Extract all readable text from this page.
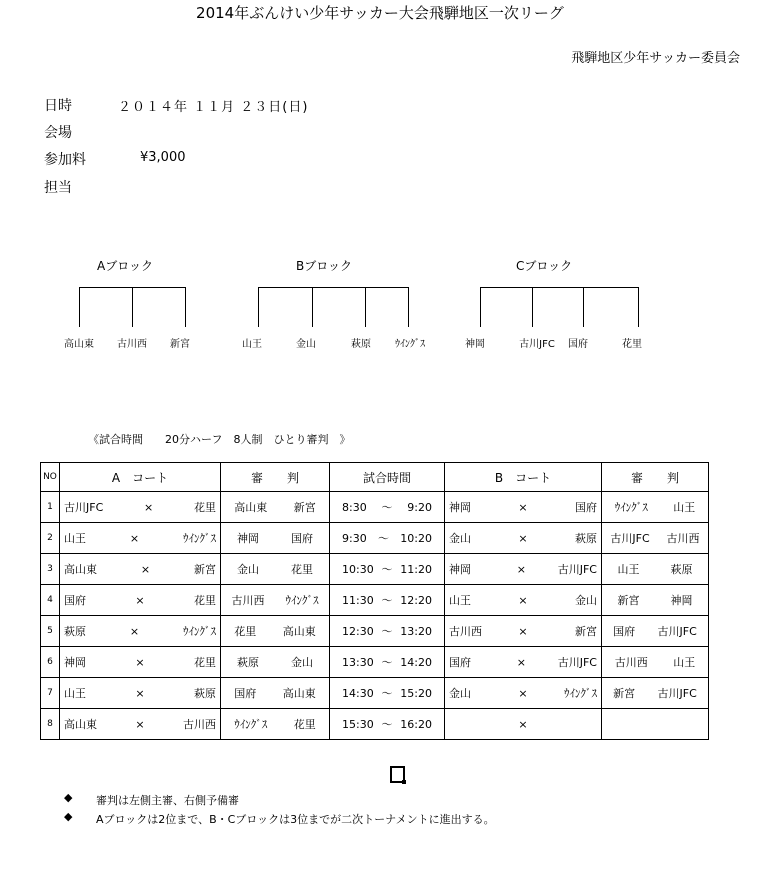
2014年ぶんけい少年サッカー大会飛騨地区一次リーグ
飛騨地区少年サッカー委員会
日時	２０１４年 １１月 ２３日(日)
会場
参加料	¥3,000
担当
Aブロック
高山東	古川西	新宮
Bブロック
山王	金山	萩原	ｳｲﾝｸﾞｽ
Cブロック
神岡	古川JFC	国府	花里
《試合時間　　20分ハーフ　8人制　ひとり審判　》
NO	A　コート	審　　判	試合時間	B　コート	審　　判
1	古川JFC × 花里	高山東 新宮	8:30 ～ 9:20	神岡 × 国府	ｳｲﾝｸﾞｽ 山王

2	山王 × ｳｲﾝｸﾞｽ	神岡 国府	9:30 ～ 10:20	金山 × 萩原	古川JFC 古川西

3	高山東 × 新宮	金山 花里	10:30 ～ 11:20	神岡 × 古川JFC	山王 萩原

4	国府 × 花里	古川西 ｳｲﾝｸﾞｽ	11:30 ～ 12:20	山王 × 金山	新宮 神岡

5	萩原 × ｳｲﾝｸﾞｽ	花里 高山東	12:30 ～ 13:20	古川西 × 新宮	国府 古川JFC

6	神岡 × 花里	萩原 金山	13:30 ～ 14:20	国府 × 古川JFC	古川西 山王

7	山王 × 萩原	国府 高山東	14:30 ～ 15:20	金山 × ｳｲﾝｸﾞｽ	新宮 古川JFC

8	高山東 × 古川西	ｳｲﾝｸﾞｽ 花里	15:30 ～ 16:20	×	

◆ 審判は左側主審、右側予備審
◆ Aブロックは2位まで、B・Cブロックは3位までが二次トーナメントに進出する。
